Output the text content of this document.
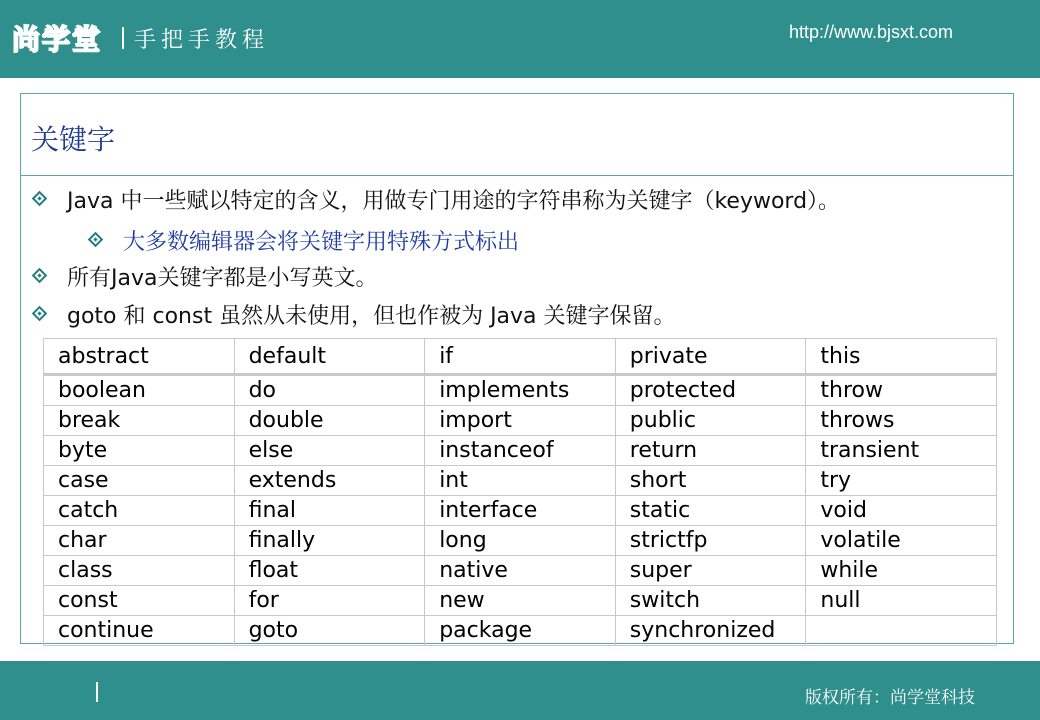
尚学堂 手把手教程	http://www.bjsxt.com
关键字
Java 中一些赋以特定的含义，用做专门用途的字符串称为关键字（keyword）。
大多数编辑器会将关键字用特殊方式标出
所有Java关键字都是小写英文。
goto 和 const 虽然从未使用，但也作被为 Java 关键字保留。
abstract	default	if	private	this
boolean	do	implements	protected	throw
break	double	import	public	throws
byte	else	instanceof	return	transient
case	extends	int	short	try
catch	final	interface	static	void
char	finally	long	strictfp	volatile
class	float	native	super	while
const	for	new	switch	null
continue	goto	package	synchronized	
版权所有：尚学堂科技
